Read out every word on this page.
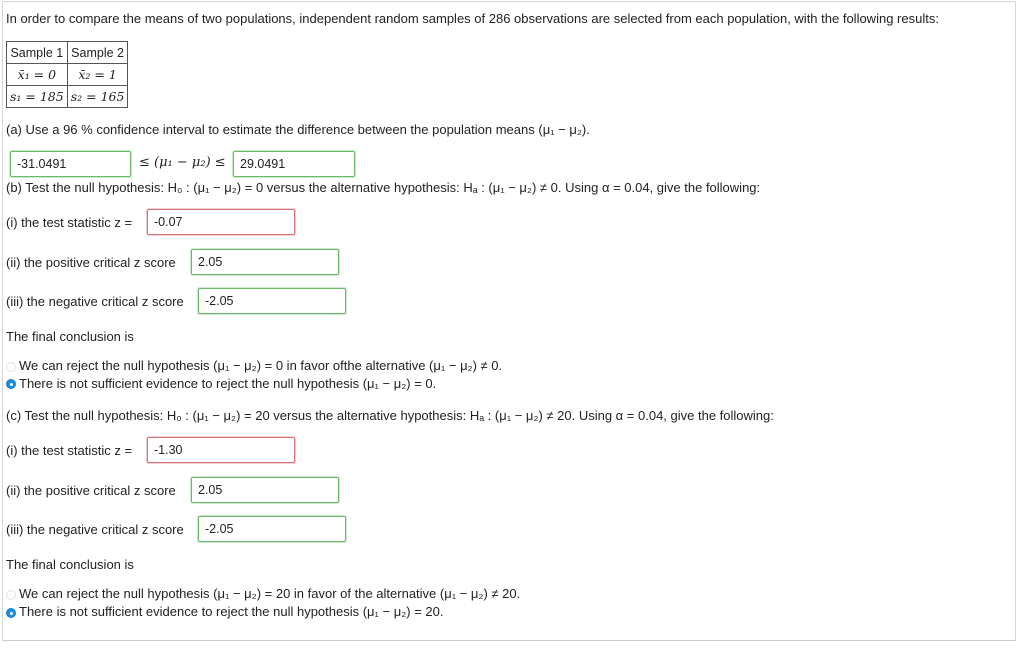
In order to compare the means of two populations, independent random samples of 286 observations are selected from each population, with the following results:
Sample 1	Sample 2
x̄₁ = 0	x̄₂ = 1
s₁ = 185	s₂ = 165
(a) Use a 96 % confidence interval to estimate the difference between the population means (μ₁ − μ₂).
-31.0491	≤ (μ₁ − μ₂) ≤	29.0491
(b) Test the null hypothesis: H₀ : (μ₁ − μ₂) = 0 versus the alternative hypothesis: Hₐ : (μ₁ − μ₂) ≠ 0. Using α = 0.04, give the following:
(i) the test statistic z =	-0.07
(ii) the positive critical z score	2.05
(iii) the negative critical z score	-2.05
The final conclusion is
We can reject the null hypothesis (μ₁ − μ₂) = 0 in favor ofthe alternative (μ₁ − μ₂) ≠ 0.
There is not sufficient evidence to reject the null hypothesis (μ₁ − μ₂) = 0.
(c) Test the null hypothesis: H₀ : (μ₁ − μ₂) = 20 versus the alternative hypothesis: Hₐ : (μ₁ − μ₂) ≠ 20. Using α = 0.04, give the following:
(i) the test statistic z =	-1.30
(ii) the positive critical z score	2.05
(iii) the negative critical z score	-2.05
The final conclusion is
We can reject the null hypothesis (μ₁ − μ₂) = 20 in favor of the alternative (μ₁ − μ₂) ≠ 20.
There is not sufficient evidence to reject the null hypothesis (μ₁ − μ₂) = 20.
